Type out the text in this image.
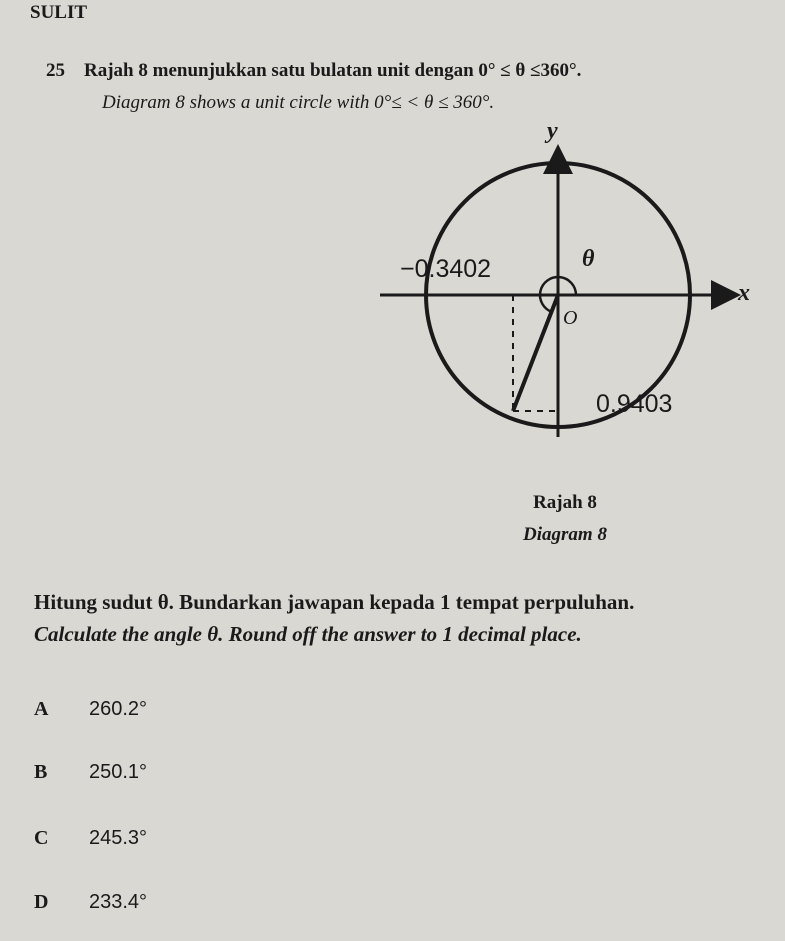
SULIT
25 Rajah 8 menunjukkan satu bulatan unit dengan 0° ≤ θ ≤360°.
Diagram 8 shows a unit circle with 0°≤ < θ ≤ 360°.
y
x
O
θ
−0.3402
0.9403
Rajah 8
Diagram 8
Hitung sudut θ. Bundarkan jawapan kepada 1 tempat perpuluhan.
Calculate the angle θ. Round off the answer to 1 decimal place.
A 260.2°
B 250.1°
C 245.3°
D 233.4°
